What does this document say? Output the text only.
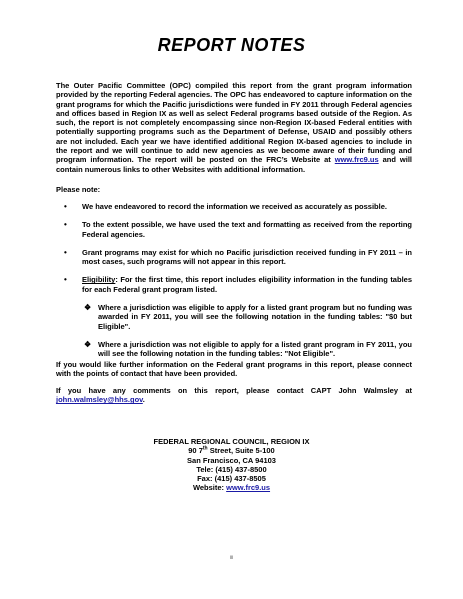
REPORT NOTES
The Outer Pacific Committee (OPC) compiled this report from the grant program information provided by the reporting Federal agencies. The OPC has endeavored to capture information on the grant programs for which the Pacific jurisdictions were funded in FY 2011 through Federal agencies and offices based in Region IX as well as select Federal programs based outside of the Region. As such, the report is not completely encompassing since non-Region IX-based Federal entities with potentially supporting programs such as the Department of Defense, USAID and possibly others are not included. Each year we have identified additional Region IX-based agencies to include in the report and we will continue to add new agencies as we become aware of their funding and program information. The report will be posted on the FRC’s Website at www.frc9.us and will contain numerous links to other Websites with additional information.
Please note:
• We have endeavored to record the information we received as accurately as possible.
• To the extent possible, we have used the text and formatting as received from the reporting Federal agencies.
• Grant programs may exist for which no Pacific jurisdiction received funding in FY 2011 – in most cases, such programs will not appear in this report.
• Eligibility: For the first time, this report includes eligibility information in the funding tables for each Federal grant program listed.
❖ Where a jurisdiction was eligible to apply for a listed grant program but no funding was awarded in FY 2011, you will see the following notation in the funding tables: "$0 but Eligible".
❖ Where a jurisdiction was not eligible to apply for a listed grant program in FY 2011, you will see the following notation in the funding tables: "Not Eligible".
If you would like further information on the Federal grant programs in this report, please connect with the points of contact that have been provided.
If you have any comments on this report, please contact CAPT John Walmsley at john.walmsley@hhs.gov.
FEDERAL REGIONAL COUNCIL, REGION IX
90 7th Street, Suite 5-100
San Francisco, CA 94103
Tele: (415) 437-8500
Fax: (415) 437-8505
Website: www.frc9.us
iii
